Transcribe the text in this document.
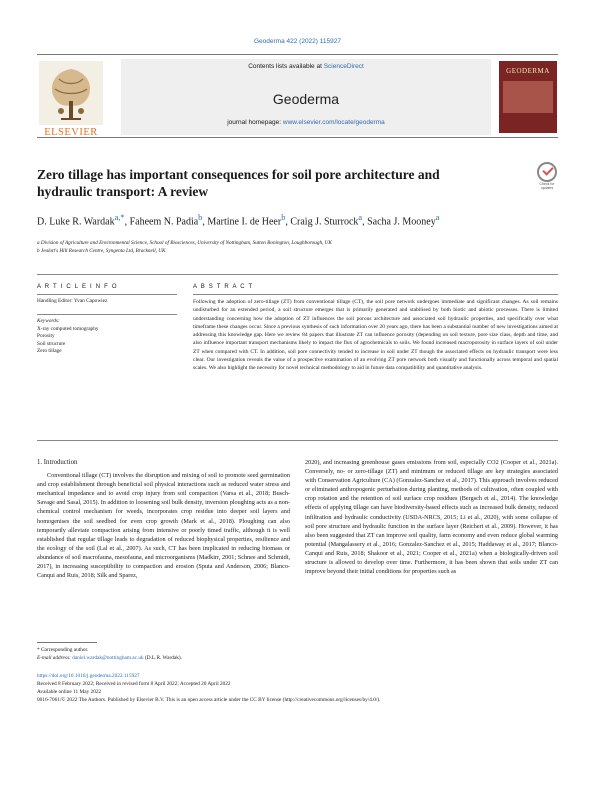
Geoderma 422 (2022) 115927
ELSEVIER
Contents lists available at ScienceDirect
Geoderma
journal homepage: www.elsevier.com/locate/geoderma
GEODERMA
Zero tillage has important consequences for soil pore architecture and hydraulic transport: A review	Check for updates
D. Luke R. Wardak$^{a,*}$, Faheem N. Padia$^b$, Martine I. de Heer$^b$, Craig J. Sturrock$^a$, Sacha J. Mooney$^a$
a Division of Agriculture and Environmental Science, School of Biosciences, University of Nottingham, Sutton Bonington, Loughborough, UK
b Jealott's Hill Research Centre, Syngenta Ltd, Bracknell, UK
A R T I C L E I N F O	A B S T R A C T
Handling Editor: Yvan Capowiez
Keywords:
X-ray computed tomography
Porosity
Soil structure
Zero tillage
Following the adoption of zero-tillage (ZT) from conventional tillage (CT), the soil pore network undergoes immediate and significant changes. As soil remains undisturbed for an extended period, a soil structure emerges that is primarily generated and stabilised by both biotic and abiotic processes. There is limited understanding concerning how the adoption of ZT influences the soil porous architecture and associated soil hydraulic properties, and specifically over what timeframe these changes occur. Since a previous synthesis of such information over 20 years ago, there has been a substantial number of new investigations aimed at addressing this knowledge gap. Here we review 84 papers that illustrate ZT can influence porosity (depending on soil texture, pore size class, depth and time, and also influence important transport mechanisms likely to impact the flux of agrochemicals to soils. We found increased macroporosity in surface layers of soil under ZT when compared with CT. In addition, soil pore connectivity tended to increase in soil under ZT though the associated effects on hydraulic transport were less clear. Our investigation reveals the value of a prospective examination of an evolving ZT pore network both visually and functionally across temporal and spatial scales. We also highlight the necessity for novel technical methodology to aid in future data compatibility and quantitative analysis.

1. Introduction

Conventional tillage (CT) involves the disruption and mixing of soil to promote seed germination and crop establishment through beneficial soil physical interactions such as reduced water stress and mechanical impedance and to avoid crop injury from soil compaction (Varsa et al., 2018; Busch-Savage and Sasal, 2015). In addition to loosening soil bulk density, inversion ploughing acts as a non-chemical control mechanism for weeds, incorporates crop residue into deeper soil layers and homogenises the soil seedbed for even crop growth (Mark et al., 2018). Ploughing can also temporarily alleviate compaction arising from intensive or poorly timed traffic, although it is well established that regular tillage leads to degradation of reduced biophysical properties, resilience and the ecology of the soil (Lal et al., 2007). As such, CT has been implicated in reducing biomass or abundance of soil macrofauna, mesofauna, and microorganisms (Madkirr, 2001; Schnee and Schmidt, 2017), in increasing susceptibility to compaction and erosion (Sputa and Anderson, 2006; Blanco-Canqui and Ruis, 2018; Silk and Sparez,

2020), and increasing greenhouse gases emissions from soil, especially CO2 (Cooper et al., 2021a). Conversely, no- or zero-tillage (ZT) and minimum or reduced tillage are key strategies associated with Conservation Agriculture (CA) (Gonzalez-Sanchez et al., 2017). This approach involves reduced or eliminated anthropogenic perturbation during planting, methods of cultivation, often coupled with crop rotation and the retention of soil surface crop residues (Bergsch et al., 2014). The knowledge effects of applying tillage can have biodiversity-based effects such as increased bulk density, reduced infiltration and hydraulic conductivity (USDA-NRCS, 2015; Li et al., 2020), with some collapse of soil pore structure and hydraulic function in the surface layer (Reichert et al., 2009). However, it has also been suggested that ZT can improve soil quality, farm economy and even reduce global warming potential (Mangalassery et al., 2016; Gonzalez-Sanchez et al., 2015; Haddaway et al., 2017; Blanco-Canqui and Ruis, 2018; Shakoor et al., 2021; Cooper et al., 2021a) when a biologically-driven soil structure is allowed to develop over time. Furthermore, it has been shown that soils under ZT can improve beyond their initial conditions for properties such as

* Corresponding author.
E-mail address: daniel.wardak@nottingham.ac.uk (D.L.R. Wardak).
https://doi.org/10.1016/j.geoderma.2022.115927
Received 8 February 2022; Received in revised form 8 April 2022; Accepted 20 April 2022
Available online 11 May 2022
0016-7061/© 2022 The Authors. Published by Elsevier B.V. This is an open access article under the CC BY license (http://creativecommons.org/licenses/by/4.0/).
